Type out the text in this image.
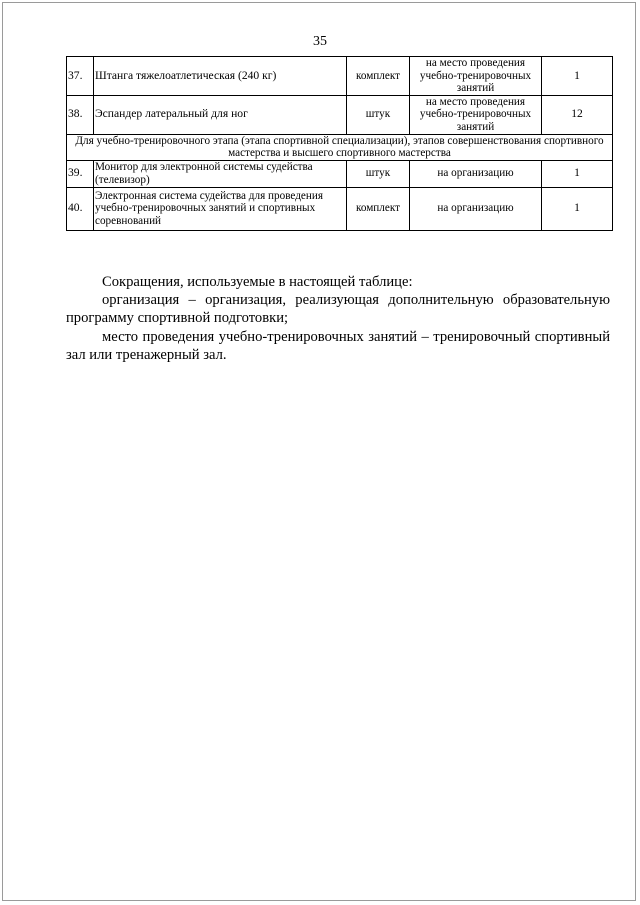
35
37.	Штанга тяжелоатлетическая (240 кг)	комплект	на место проведения учебно-тренировочных занятий	1
38.	Эспандер латеральный для ног	штук	на место проведения учебно-тренировочных занятий	12
Для учебно-тренировочного этапа (этапа спортивной специализации), этапов совершенствования спортивного мастерства и высшего спортивного мастерства				
39.	Монитор для электронной системы судейства (телевизор)	штук	на организацию	1
40.	Электронная система судейства для проведения учебно-тренировочных занятий и спортивных соревнований	комплект	на организацию	1

Сокращения, используемые в настоящей таблице:

организация – организация, реализующая дополнительную образовательную программу спортивной подготовки;

место проведения учебно-тренировочных занятий – тренировочный спортивный зал или тренажерный зал.
